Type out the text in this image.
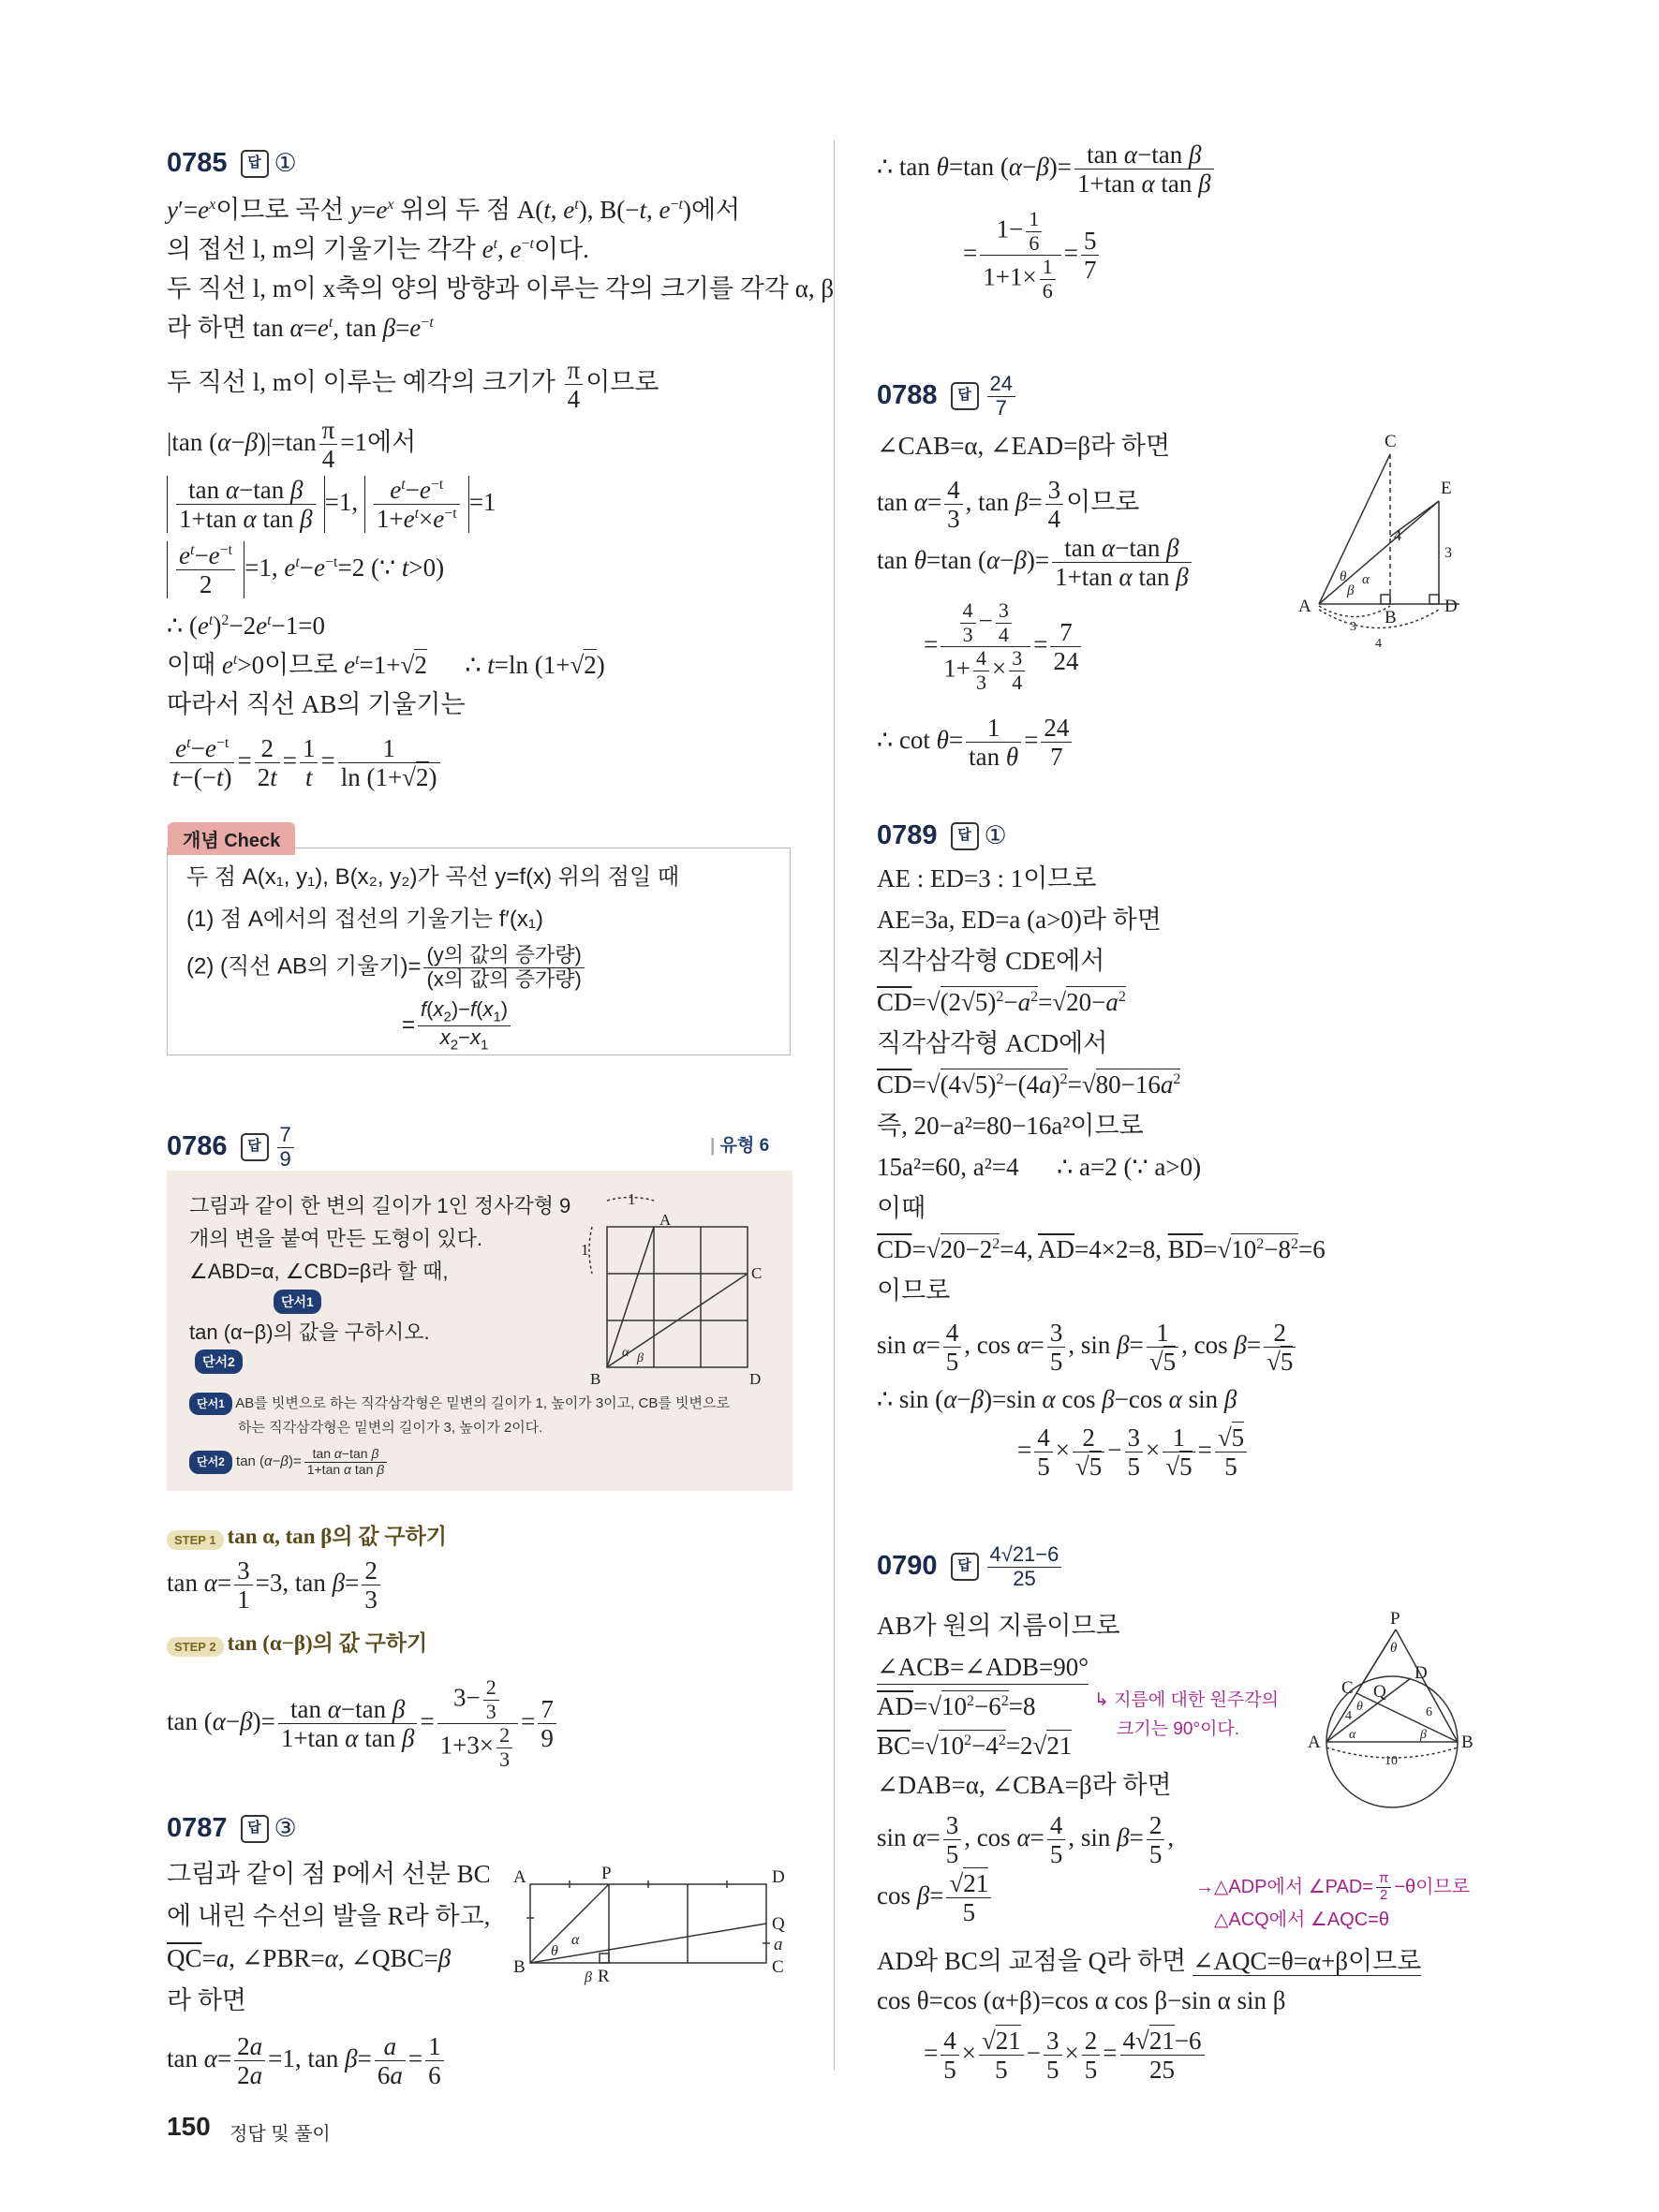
0785 답 ①
$y'=e^x$이므로 곡선 $y=e^x$ 위의 두 점 A(t, $e^t$), B(−t, $e^{-t}$)에서
의 접선 l, m의 기울기는 각각 $e^t$, $e^{-t}$이다.
두 직선 l, m이 x축의 양의 방향과 이루는 각의 크기를 각각 α, β
라 하면 $\tan \alpha=e^t$, $\tan \beta=e^{-t}$
두 직선 l, m이 이루는 예각의 크기가 $\frac{\pi}{4}$ 이므로
|tan $(\alpha-\beta)|=\tan \frac{\pi}{4} =1$에서
$\frac{\text{tan α−tan β}}{\text{1+tan α tan β}} =1$, $\frac{e^t-e^{-t}}{1+e^t\times e^{-t}} =1$
$\frac{e^t-e^{-t}}{2} =1$, $e^t-e^{-t}=2$ (∵ t>0)
∴ $(e^t)^2-2e^t-1=0$
이때 $e^t>0$이므로 $e^t=1+√2$      ∴ t=ln (1+√2)
따라서 직선 AB의 기울기는
$\frac{e^t-e^{-t}}{t-(-t)} = \frac{2}{2t} = \frac{1}{t} = \frac{1}{\ln (1+√2)}$
개념 Check
두 점 A(x₁, y₁), B(x₂, y₂)가 곡선 y=f(x) 위의 점일 때
(1) 점 A에서의 접선의 기울기는 f′(x₁)
(2) (직선 AB의 기울기)= $\frac{\text{(y의 값의 증가량)}}{\text{(x의 값의 증가량)}}$
= $\frac{f(x_2)-f(x_1)}{x_2-x_1}$
0786 답 $\frac{7}{9}$	| 유형 6
그림과 같이 한 변의 길이가 1인 정사각형 9
개의 변을 붙여 만든 도형이 있다.
∠ABD=α, ∠CBD=β라 할 때,
단서1
tan (α−β)의 값을 구하시오.
단서2
1
A
1
C
B	D
α β
단서1 AB를 빗변으로 하는 직각삼각형은 밑변의 길이가 1, 높이가 3이고, CB를 빗변으로
하는 직각삼각형은 밑변의 길이가 3, 높이가 2이다.
단서2 $\tan (\alpha-\beta)= \frac{\text{tan α−tan β}}{\text{1+tan α tan β}}$
STEP 1 tan α, tan β의 값 구하기
$\tan \alpha= \frac{3}{1} =3$, $\tan \beta= \frac{2}{3}$
STEP 2 tan (α−β)의 값 구하기
$\tan (\alpha-\beta)= \frac{\text{tan α−tan β}}{\text{1+tan α tan β}} = \frac{3- \frac{2}{3}}{1+3\times \frac{2}{3}} = \frac{7}{9}$
0787 답 ③
그림과 같이 점 P에서 선분 BC
에 내린 수선의 발을 R라 하고,
$\overline{QC}=a$, ∠PBR=α, ∠QBC=β
라 하면
$\tan \alpha= \frac{2a}{2a} =1$, $\tan \beta= \frac{a}{6a} = \frac{1}{6}$
A	P	D
Q
a
B	C
R
β
θ
α
∴ tan θ=tan $(\alpha-\beta)= \frac{\text{tan α−tan β}}{\text{1+tan α tan β}}$
= $\frac{1- \frac{1}{6}}{1+1\times \frac{1}{6}} = \frac{5}{7}$
0788 답 $\frac{24}{7}$
∠CAB=α, ∠EAD=β라 하면
$\tan \alpha= \frac{4}{3}$ , $\tan \beta= \frac{3}{4}$ 이므로
tan θ=tan $(\alpha-\beta)= \frac{\text{tan α−tan β}}{\text{1+tan α tan β}}$
= $\frac{\frac{4}{3} - \frac{3}{4}}{1+ \frac{4}{3} \times \frac{3}{4}} = \frac{7}{24}$
∴ $\cot \theta= \frac{1}{\text{tan θ}} = \frac{24}{7}$
C
E
A
B
D
4
3
3
4
θ
β
α
0789 답 ①
AE : ED=3 : 1이므로
AE=3a, ED=a (a>0)라 하면
직각삼각형 CDE에서
$\overline{CD}=√(2√5)^2-a^2=√20-a^2$
직각삼각형 ACD에서
$\overline{CD}=√(4√5)^2-(4a)^2=√80-16a^2$
즉, 20−a²=80−16a²이므로
15a²=60, a²=4 ∴ a=2 (∵ a>0)
이때
$\overline{CD}=√20-2^2=4$, $\overline{AD}=4\times 2=8$, $\overline{BD}=√10^2-8^2=6$
이므로
$\sin \alpha= \frac{4}{5}$ , $\cos \alpha= \frac{3}{5}$ , $\sin \beta= \frac{1}{√5}$ , $\cos \beta= \frac{2}{√5}$
∴ sin (α−β)=sin α cos β−cos α sin β
= $\frac{4}{5} \times \frac{2}{√5} - \frac{3}{5} \times \frac{1}{√5} = \frac{√5}{5}$
0790 답 $\frac{4√21-6}{25}$
AB가 원의 지름이므로
∠ACB=∠ADB=90°
$\overline{AD}=√10^2-6^2=8$
$\overline{BC}=√10^2-4^2=2√21$
↳ 지름에 대한 원주각의
크기는 90°이다.
∠DAB=α, ∠CBA=β라 하면
$\sin \alpha= \frac{3}{5}$ , $\cos \alpha= \frac{4}{5}$ , $\sin \beta= \frac{2}{5}$ ,
$\cos \beta= \frac{√21}{5}$	→△ADP에서 ∠PAD= $\frac{\pi}{2} -\theta$이므로
△ACQ에서 ∠AQC=θ
AD와 BC의 교점을 Q라 하면 ∠AQC=θ=α+β이므로
cos θ=cos (α+β)=cos α cos β−sin α sin β
= $\frac{4}{5} \times \frac{√21}{5} - \frac{3}{5} \times \frac{2}{5} = \frac{4√21-6}{25}$
P
C
D
Q
A	B
4	6
10
θ
θ
α	β
150 정답 및 풀이
